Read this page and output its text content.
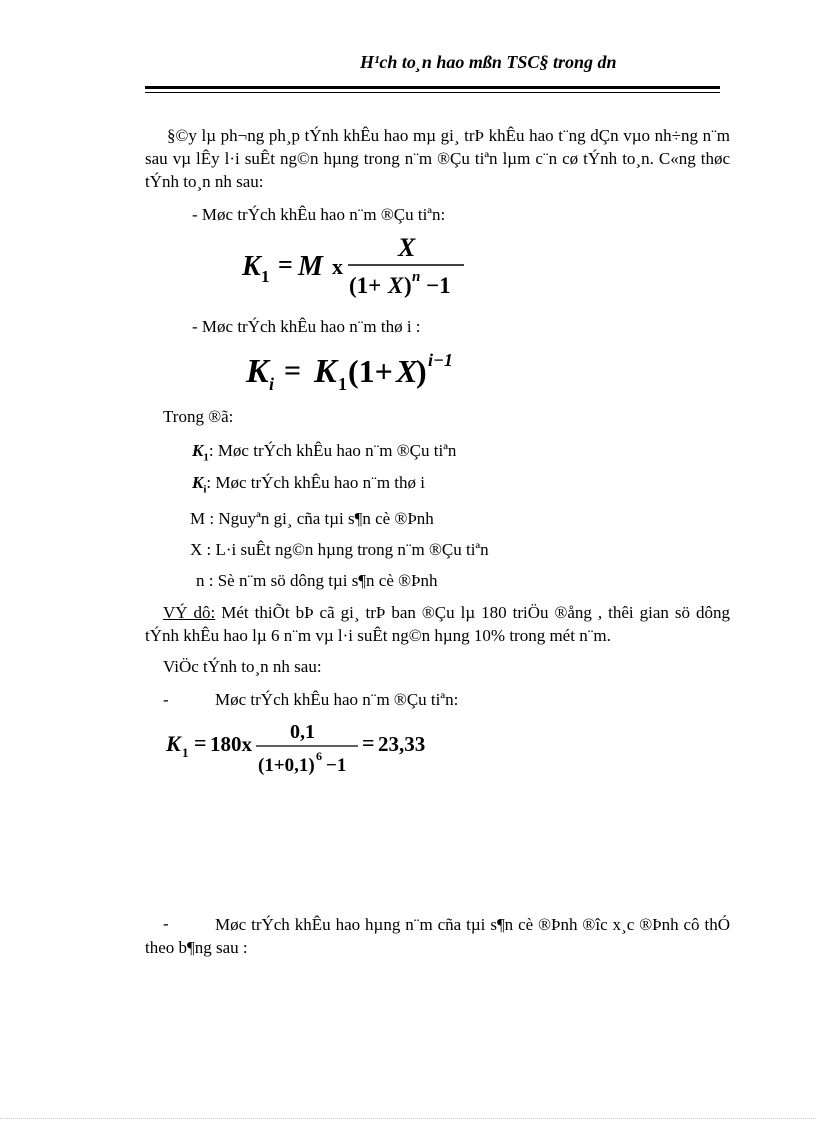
H¹ch to¸n hao mßn TSC§ trong dn
§©y lµ ph¬ng ph¸p tÝnh khÊu hao mµ gi¸ trÞ khÊu hao t¨ng dÇn vµo nh÷ng n¨m sau vµ lÊy l·i suÊt ng©n hµng trong n¨m ®Çu tiªn lµm c¨n cø tÝnh to¸n. C«ng thøc tÝnh to¸n nh sau:
- Møc trÝch khÊu hao n¨m ®Çu tiªn:
K 1 = M x
X
(1+ X ) n −1
- Møc trÝch khÊu hao n¨m thø i :
K i = K 1 (1+ X
) i−1
Trong ®ã:
$K_1$: Møc trÝch khÊu hao n¨m ®Çu tiªn
$K_i$: Møc trÝch khÊu hao n¨m thø i
M : Nguyªn gi¸ cña tµi s¶n cè ®Þnh
X : L·i suÊt ng©n hµng trong n¨m ®Çu tiªn
n : Sè n¨m sö dông tµi s¶n cè ®Þnh
VÝ dô: Mét thiÕt bÞ cã gi¸ trÞ ban ®Çu lµ 180 triÖu ®ång , thêi gian sö dông tÝnh khÊu hao lµ 6 n¨m vµ l·i suÊt ng©n hµng 10% trong mét n¨m.
ViÖc tÝnh to¸n nh sau:
-	Møc trÝch khÊu hao n¨m ®Çu tiªn:
K 1 = 180x 0,1
(1+0,1) 6 −1
= 23,33
-	Møc trÝch khÊu hao hµng n¨m cña tµi s¶n cè ®Þnh ®îc x¸c ®Þnh cô thÓ theo b¶ng sau :
